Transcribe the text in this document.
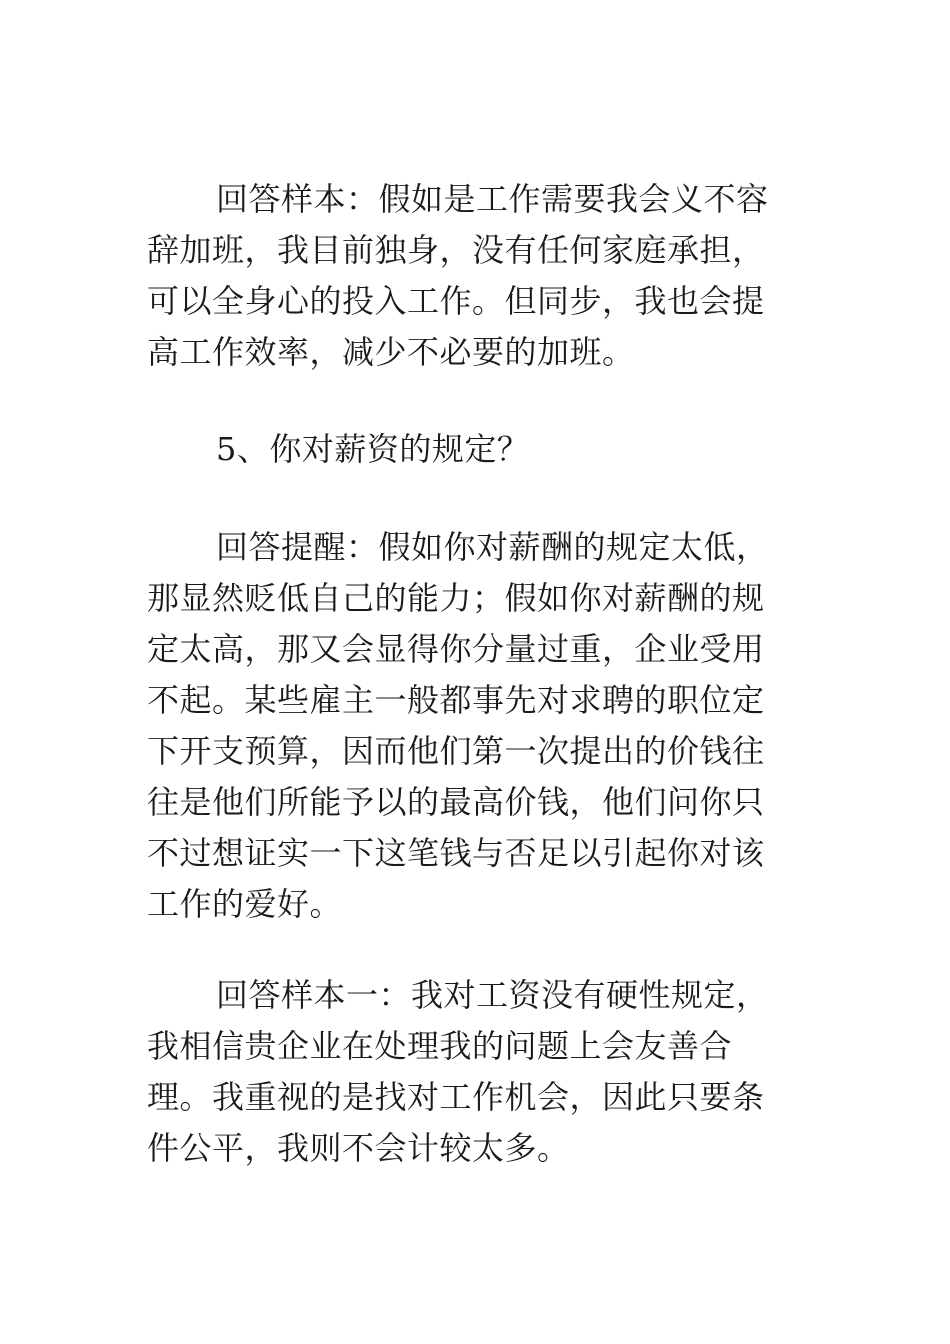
回答样本：假如是工作需要我会义不容辞加班，我目前独身，没有任何家庭承担，可以全身心的投入工作。但同步，我也会提高工作效率，减少不必要的加班。

5、你对薪资的规定？

回答提醒：假如你对薪酬的规定太低，那显然贬低自己的能力；假如你对薪酬的规定太高，那又会显得你分量过重，企业受用不起。某些雇主一般都事先对求聘的职位定下开支预算，因而他们第一次提出的价钱往往是他们所能予以的最高价钱，他们问你只不过想证实一下这笔钱与否足以引起你对该工作的爱好。

回答样本一：我对工资没有硬性规定，我相信贵企业在处理我的问题上会友善合理。我重视的是找对工作机会，因此只要条件公平，我则不会计较太多。
